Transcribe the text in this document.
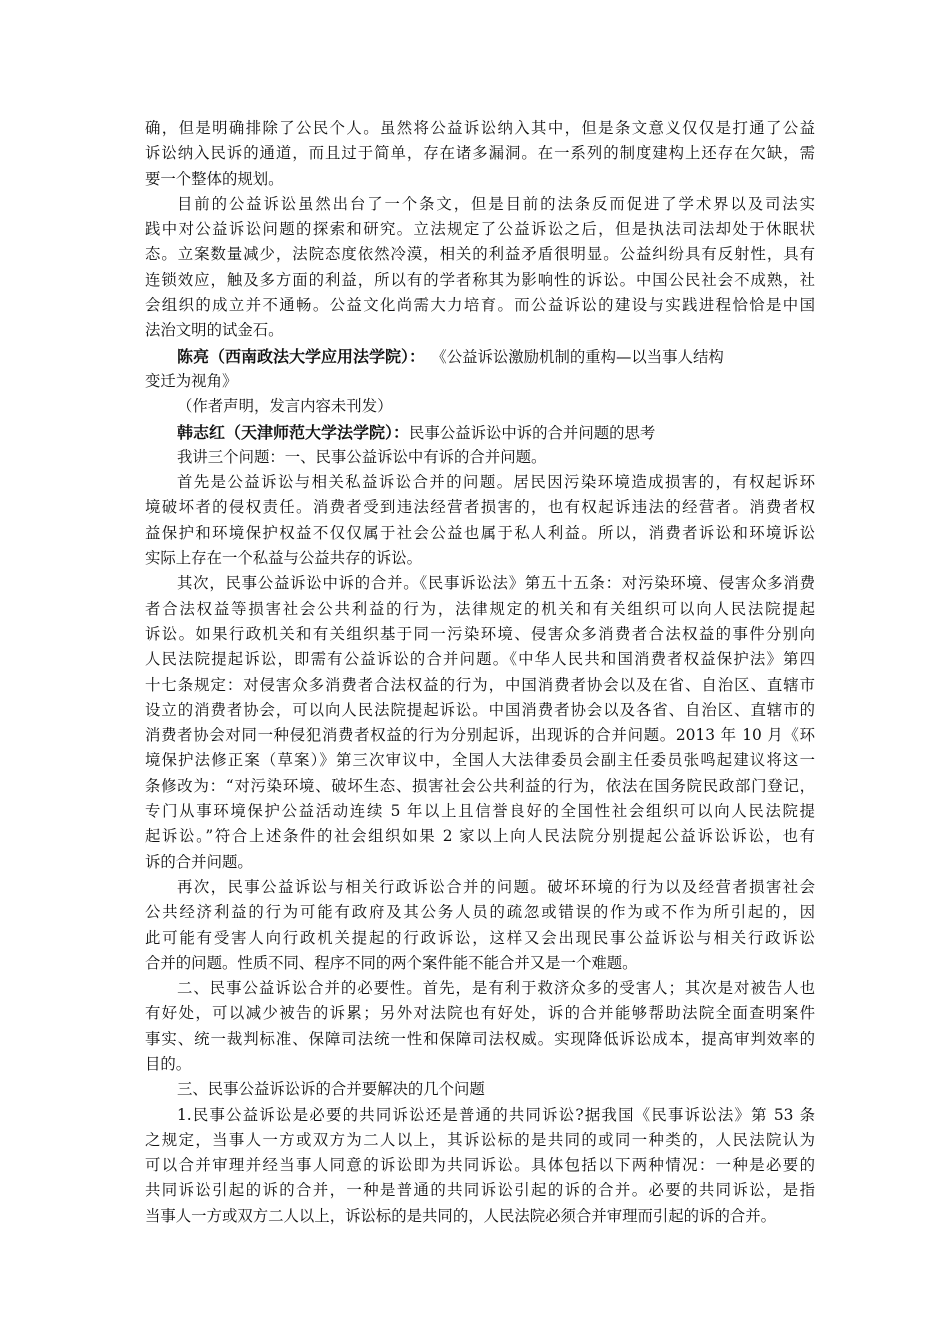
确，但是明确排除了公民个人。虽然将公益诉讼纳入其中，但是条文意义仅仅是打通了公益
诉讼纳入民诉的通道，而且过于简单，存在诸多漏洞。在一系列的制度建构上还存在欠缺，需
要一个整体的规划。
目前的公益诉讼虽然出台了一个条文，但是目前的法条反而促进了学术界以及司法实
践中对公益诉讼问题的探索和研究。立法规定了公益诉讼之后，但是执法司法却处于休眠状
态。立案数量减少，法院态度依然冷漠，相关的利益矛盾很明显。公益纠纷具有反射性，具有
连锁效应，触及多方面的利益，所以有的学者称其为影响性的诉讼。中国公民社会不成熟，社
会组织的成立并不通畅。公益文化尚需大力培育。而公益诉讼的建设与实践进程恰恰是中国
法治文明的试金石。
陈亮（西南政法大学应用法学院）： 《公益诉讼激励机制的重构—以当事人结构
变迁为视角》
（作者声明，发言内容未刊发）
韩志红（天津师范大学法学院）：民事公益诉讼中诉的合并问题的思考
我讲三个问题：一、民事公益诉讼中有诉的合并问题。
首先是公益诉讼与相关私益诉讼合并的问题。居民因污染环境造成损害的，有权起诉环
境破坏者的侵权责任。消费者受到违法经营者损害的，也有权起诉违法的经营者。消费者权
益保护和环境保护权益不仅仅属于社会公益也属于私人利益。所以，消费者诉讼和环境诉讼
实际上存在一个私益与公益共存的诉讼。
其次，民事公益诉讼中诉的合并。《民事诉讼法》第五十五条：对污染环境、侵害众多消费
者合法权益等损害社会公共利益的行为，法律规定的机关和有关组织可以向人民法院提起
诉讼。如果行政机关和有关组织基于同一污染环境、侵害众多消费者合法权益的事件分别向
人民法院提起诉讼，即需有公益诉讼的合并问题。《中华人民共和国消费者权益保护法》第四
十七条规定：对侵害众多消费者合法权益的行为，中国消费者协会以及在省、自治区、直辖市
设立的消费者协会，可以向人民法院提起诉讼。中国消费者协会以及各省、自治区、直辖市的
消费者协会对同一种侵犯消费者权益的行为分别起诉，出现诉的合并问题。2013 年 10 月《环
境保护法修正案（草案）》第三次审议中，全国人大法律委员会副主任委员张鸣起建议将这一
条修改为：“对污染环境、破坏生态、损害社会公共利益的行为，依法在国务院民政部门登记，
专门从事环境保护公益活动连续 5 年以上且信誉良好的全国性社会组织可以向人民法院提
起诉讼。”符合上述条件的社会组织如果 2 家以上向人民法院分别提起公益诉讼诉讼，也有
诉的合并问题。
再次，民事公益诉讼与相关行政诉讼合并的问题。破坏环境的行为以及经营者损害社会
公共经济利益的行为可能有政府及其公务人员的疏忽或错误的作为或不作为所引起的，因
此可能有受害人向行政机关提起的行政诉讼，这样又会出现民事公益诉讼与相关行政诉讼
合并的问题。性质不同、程序不同的两个案件能不能合并又是一个难题。
二、民事公益诉讼合并的必要性。首先，是有利于救济众多的受害人；其次是对被告人也
有好处，可以减少被告的诉累；另外对法院也有好处，诉的合并能够帮助法院全面查明案件
事实、统一裁判标准、保障司法统一性和保障司法权威。实现降低诉讼成本，提高审判效率的
目的。
三、民事公益诉讼诉的合并要解决的几个问题
1.民事公益诉讼是必要的共同诉讼还是普通的共同诉讼?据我国《民事诉讼法》第 53 条
之规定，当事人一方或双方为二人以上，其诉讼标的是共同的或同一种类的，人民法院认为
可以合并审理并经当事人同意的诉讼即为共同诉讼。具体包括以下两种情况：一种是必要的
共同诉讼引起的诉的合并，一种是普通的共同诉讼引起的诉的合并。必要的共同诉讼，是指
当事人一方或双方二人以上，诉讼标的是共同的，人民法院必须合并审理而引起的诉的合并。
